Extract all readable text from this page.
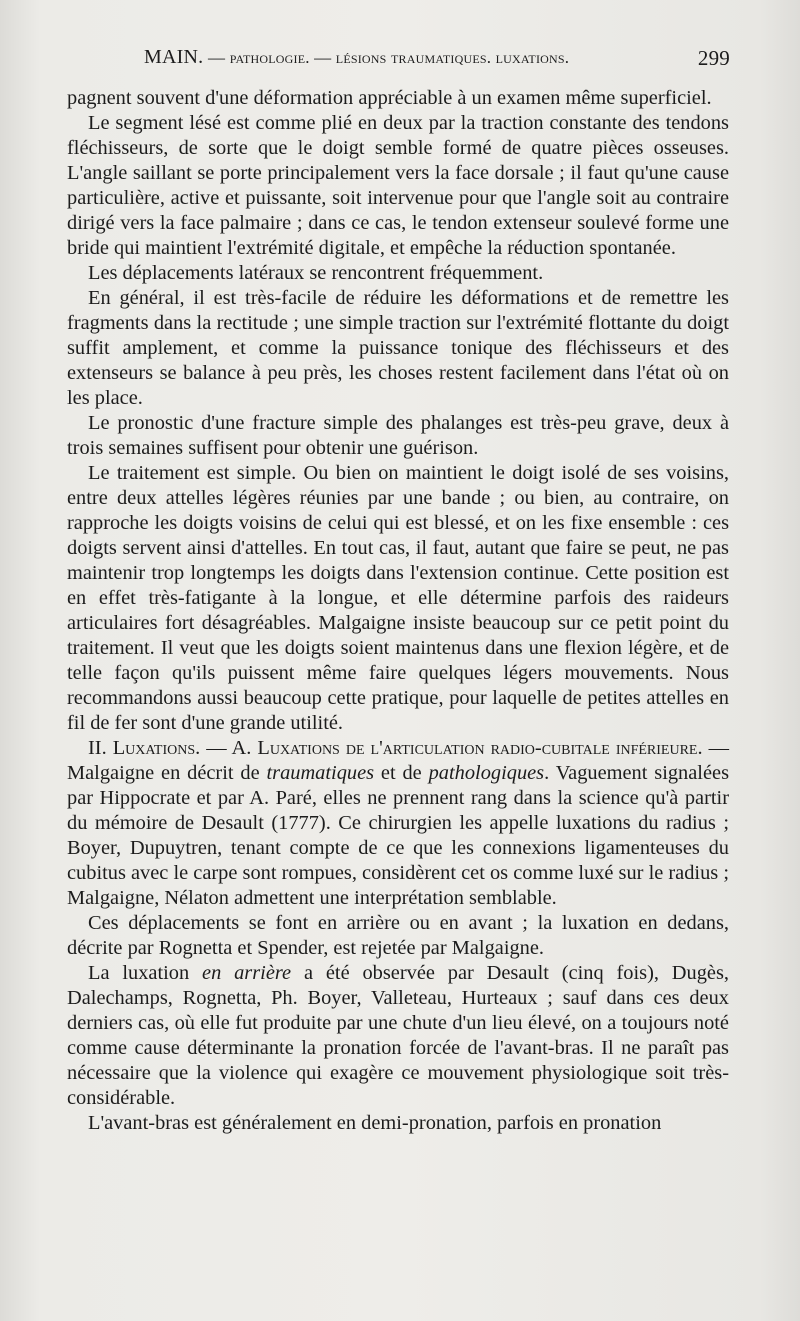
MAIN. — pathologie. — lésions traumatiques. luxations.	299

pagnent souvent d'une déformation appréciable à un examen même superficiel.

Le segment lésé est comme plié en deux par la traction constante des tendons fléchisseurs, de sorte que le doigt semble formé de quatre pièces osseuses. L'angle saillant se porte principalement vers la face dorsale ; il faut qu'une cause particulière, active et puissante, soit intervenue pour que l'angle soit au contraire dirigé vers la face palmaire ; dans ce cas, le tendon extenseur soulevé forme une bride qui maintient l'extrémité digitale, et empêche la réduction spontanée.

Les déplacements latéraux se rencontrent fréquemment.

En général, il est très-facile de réduire les déformations et de remettre les fragments dans la rectitude ; une simple traction sur l'extrémité flottante du doigt suffit amplement, et comme la puissance tonique des fléchisseurs et des extenseurs se balance à peu près, les choses restent facilement dans l'état où on les place.

Le pronostic d'une fracture simple des phalanges est très-peu grave, deux à trois semaines suffisent pour obtenir une guérison.

Le traitement est simple. Ou bien on maintient le doigt isolé de ses voisins, entre deux attelles légères réunies par une bande ; ou bien, au contraire, on rapproche les doigts voisins de celui qui est blessé, et on les fixe ensemble : ces doigts servent ainsi d'attelles. En tout cas, il faut, autant que faire se peut, ne pas maintenir trop longtemps les doigts dans l'extension continue. Cette position est en effet très-fatigante à la longue, et elle détermine parfois des raideurs articulaires fort désagréables. Malgaigne insiste beaucoup sur ce petit point du traitement. Il veut que les doigts soient maintenus dans une flexion légère, et de telle façon qu'ils puissent même faire quelques légers mouvements. Nous recommandons aussi beaucoup cette pratique, pour laquelle de petites attelles en fil de fer sont d'une grande utilité.

II. Luxations. — A. Luxations de l'articulation radio-cubitale inférieure. — Malgaigne en décrit de traumatiques et de pathologiques. Vaguement signalées par Hippocrate et par A. Paré, elles ne prennent rang dans la science qu'à partir du mémoire de Desault (1777). Ce chirurgien les appelle luxations du radius ; Boyer, Dupuytren, tenant compte de ce que les connexions ligamenteuses du cubitus avec le carpe sont rompues, considèrent cet os comme luxé sur le radius ; Malgaigne, Nélaton admettent une interprétation semblable.

Ces déplacements se font en arrière ou en avant ; la luxation en dedans, décrite par Rognetta et Spender, est rejetée par Malgaigne.

La luxation en arrière a été observée par Desault (cinq fois), Dugès, Dalechamps, Rognetta, Ph. Boyer, Valleteau, Hurteaux ; sauf dans ces deux derniers cas, où elle fut produite par une chute d'un lieu élevé, on a toujours noté comme cause déterminante la pronation forcée de l'avant-bras. Il ne paraît pas nécessaire que la violence qui exagère ce mouvement physiologique soit très-considérable.

L'avant-bras est généralement en demi-pronation, parfois en pronation
